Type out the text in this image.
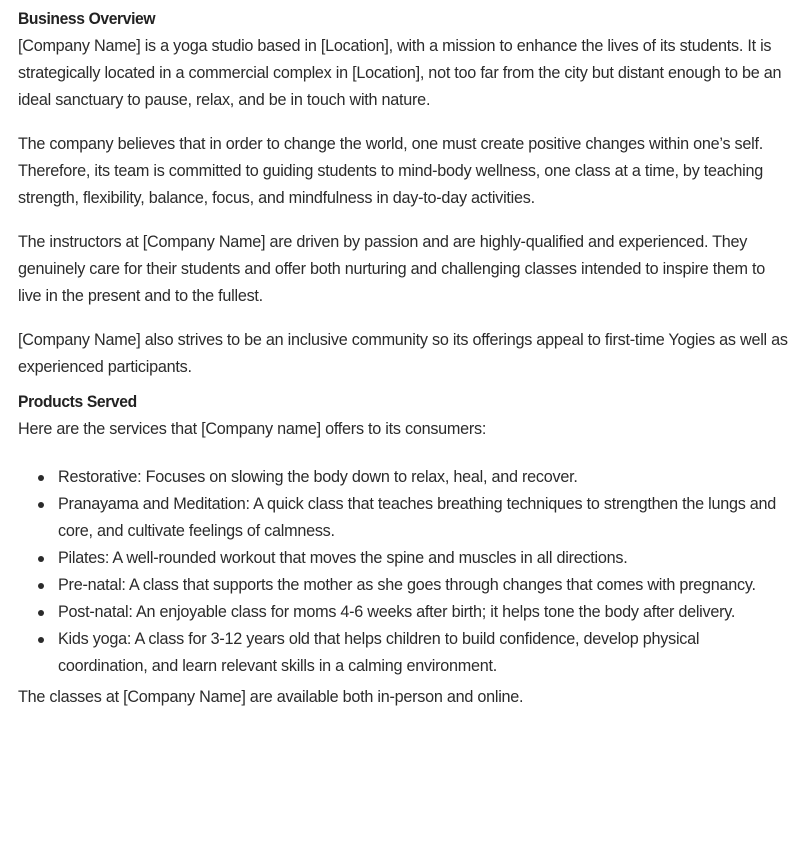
Business Overview

[Company Name] is a yoga studio based in [Location], with a mission to enhance the lives of its students. It is strategically located in a commercial complex in [Location], not too far from the city but distant enough to be an ideal sanctuary to pause, relax, and be in touch with nature.

The company believes that in order to change the world, one must create positive changes within one’s self. Therefore, its team is committed to guiding students to mind-body wellness, one class at a time, by teaching strength, flexibility, balance, focus, and mindfulness in day-to-day activities.

The instructors at [Company Name] are driven by passion and are highly-qualified and experienced. They genuinely care for their students and offer both nurturing and challenging classes intended to inspire them to live in the present and to the fullest.

[Company Name] also strives to be an inclusive community so its offerings appeal to first-time Yogies as well as experienced participants.

Products Served

Here are the services that [Company name] offers to its consumers:

Restorative: Focuses on slowing the body down to relax, heal, and recover.
Pranayama and Meditation: A quick class that teaches breathing techniques to strengthen the lungs and core, and cultivate feelings of calmness.
Pilates: A well-rounded workout that moves the spine and muscles in all directions.
Pre-natal: A class that supports the mother as she goes through changes that comes with pregnancy.
Post-natal: An enjoyable class for moms 4-6 weeks after birth; it helps tone the body after delivery.
Kids yoga: A class for 3-12 years old that helps children to build confidence, develop physical coordination, and learn relevant skills in a calming environment.

The classes at [Company Name] are available both in-person and online.
